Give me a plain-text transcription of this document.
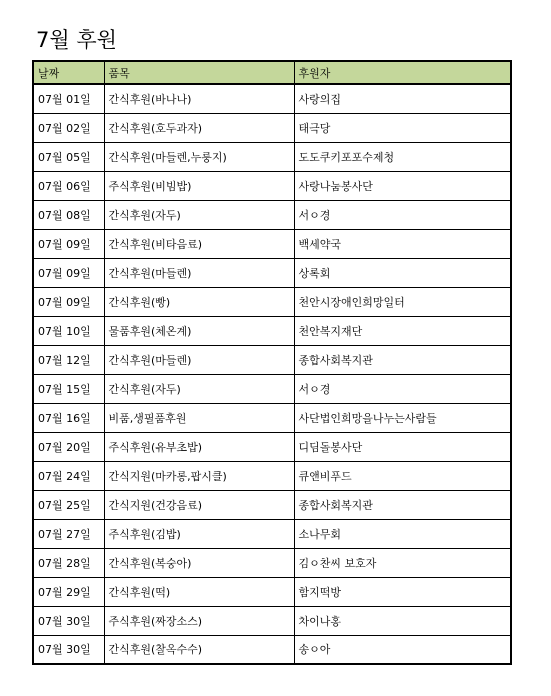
7월 후원
날짜	품목	후원자
07월 01일	간식후원(바나나)	사랑의집
07월 02일	간식후원(호두과자)	태극당
07월 05일	간식후원(마들렌,누룽지)	도도쿠키포포수제청
07월 06일	주식후원(비빔밥)	사랑나눔봉사단
07월 08일	간식후원(자두)	서ㅇ경
07월 09일	간식후원(비타음료)	백세약국
07월 09일	간식후원(마들렌)	상록회
07월 09일	간식후원(빵)	천안시장애인희망일터
07월 10일	물품후원(체온계)	천안복지재단
07월 12일	간식후원(마들렌)	종합사회복지관
07월 15일	간식후원(자두)	서ㅇ경
07월 16일	비품,생필품후원	사단법인희망을나누는사람들
07월 20일	주식후원(유부초밥)	디딤돌봉사단
07월 24일	간식지원(마카롱,팝시클)	큐앤비푸드
07월 25일	간식지원(건강음료)	종합사회복지관
07월 27일	주식후원(김밥)	소나무회
07월 28일	간식후원(복숭아)	김ㅇ찬씨 보호자
07월 29일	간식후원(떡)	함지떡방
07월 30일	주식후원(짜장소스)	차이나홍
07월 30일	간식후원(찰옥수수)	송ㅇ아
